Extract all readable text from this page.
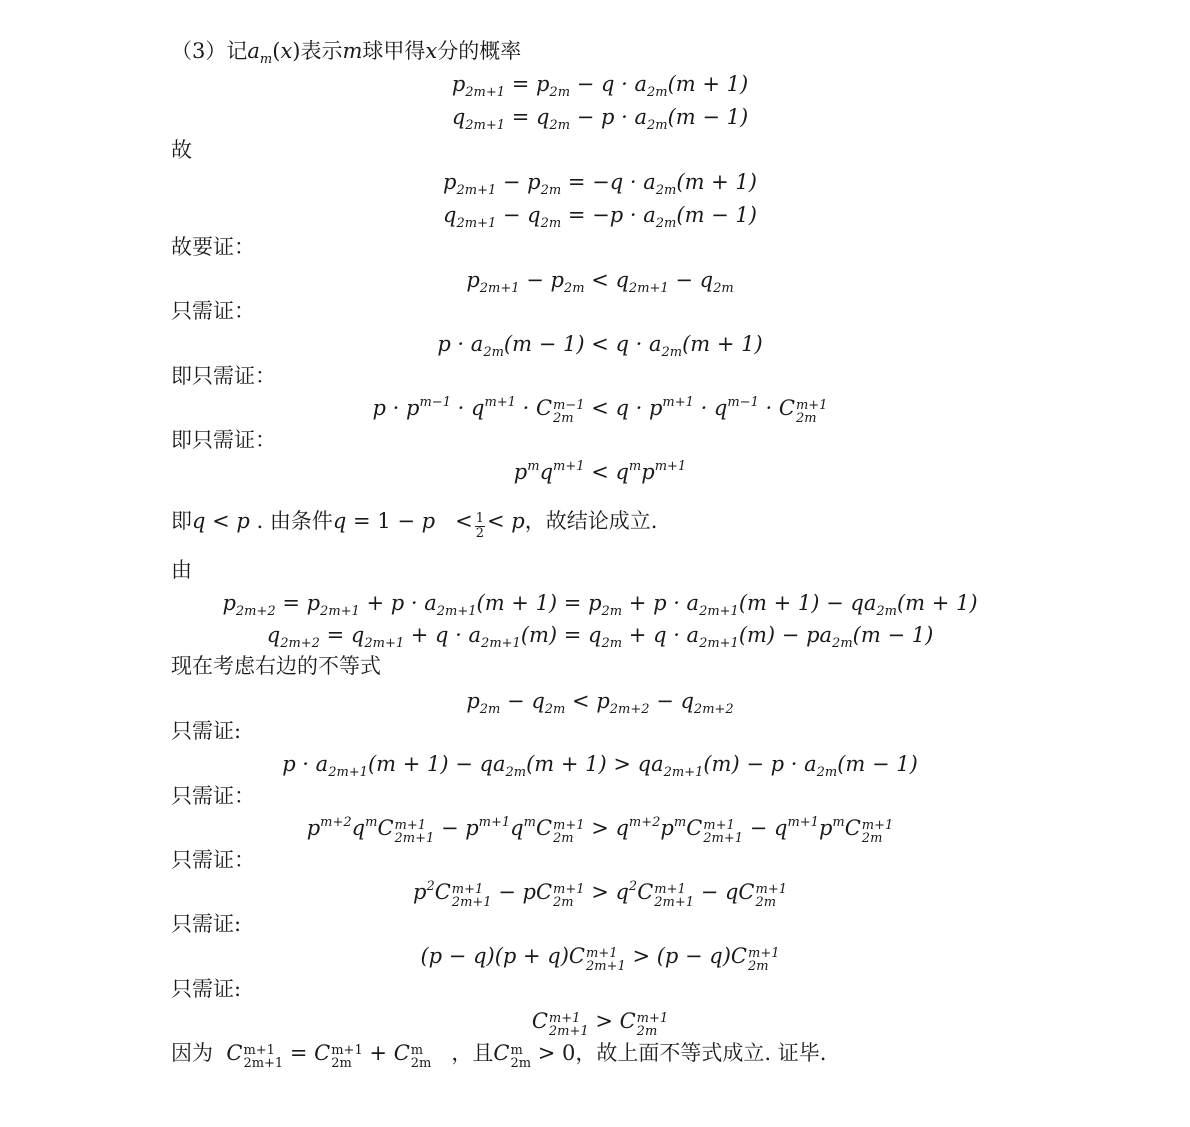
（3）记$a_m(x)$表示m球甲得x分的概率
$p_{2m+1} = p_{2m} - q \cdot a_{2m}(m + 1)$
$q_{2m+1} = q_{2m} - p \cdot a_{2m}(m - 1)$
故
$p_{2m+1} - p_{2m} = -q \cdot a_{2m}(m + 1)$
$q_{2m+1} - q_{2m} = -p \cdot a_{2m}(m - 1)$
故要证：
$p_{2m+1} - p_{2m} < q_{2m+1} - q_{2m}$
只需证：
$p \cdot a_{2m}(m - 1) < q \cdot a_{2m}(m + 1)$
即只需证：
$p \cdot p^{m-1} \cdot q^{m+1} \cdot C$ m−1
$2m < q \cdot p^{m+1} \cdot q^{m-1} \cdot C$ m+1
2m
即只需证：
$p^mq^{m+1} < q^mp^{m+1}$
即q < p . 由条件$q = 1 - p < \frac{1}{2} < p$，故结论成立.
由
$p_{2m+2} = p_{2m+1} + p \cdot a_{2m+1}(m + 1) = p_{2m} + p \cdot a_{2m+1}(m + 1) - qa_{2m}(m + 1)$
$q_{2m+2} = q_{2m+1} + q \cdot a_{2m+1}(m) = q_{2m} + q \cdot a_{2m+1}(m) - pa_{2m}(m - 1)$
现在考虑右边的不等式
$p_{2m} - q_{2m} < p_{2m+2} - q_{2m+2}$
只需证:
$p \cdot a_{2m+1}(m + 1) - qa_{2m}(m + 1) > qa_{2m+1}(m) - p \cdot a_{2m}(m - 1)$
只需证：
$p^{m+2}q^mC$ m+1
$2m+1 - p^{m+1}q^mC$ m+1
$2m > q^{m+2}p^mC$ m+1
$2m+1 - q^{m+1}p^mC$ m+1
2m
只需证：
$p^2C$ m+1
2m+1 − pC m+1
$2m > q^2C$ m+1
2m+1 − qC m+1
2m
只需证:
(p − q)(p + q)C m+1
2m+1 > (p − q)C m+1
2m
只需证:
C m+1
2m+1 > C m+1
2m
因为 C m+1
2m+1 = C m+1
2m + C m
2m ，且C m
2m > 0，故上面不等式成立. 证毕.
